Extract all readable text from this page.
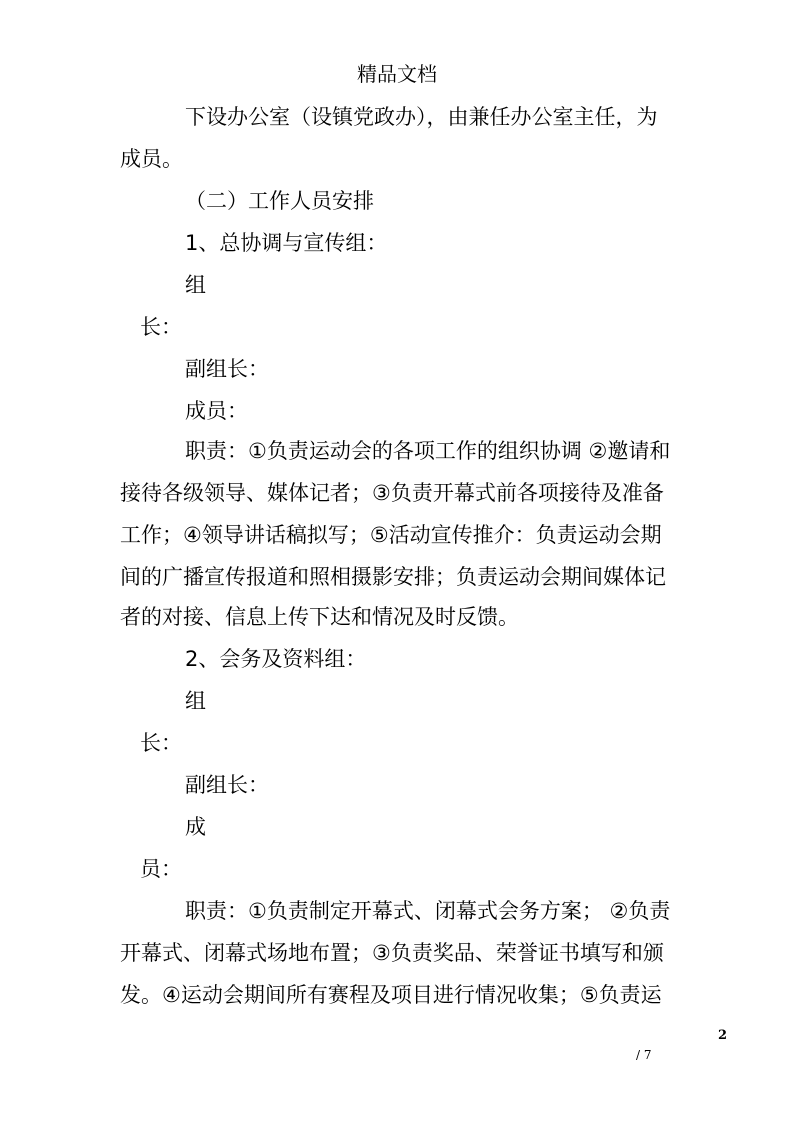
精品文档
下设办公室（设镇党政办），由兼任办公室主任，为
成员。
（二）工作人员安排
1、总协调与宣传组：
组
长：
副组长：
成员：
职责：①负责运动会的各项工作的组织协调 ②邀请和
接待各级领导、媒体记者；③负责开幕式前各项接待及准备
工作；④领导讲话稿拟写；⑤活动宣传推介：负责运动会期
间的广播宣传报道和照相摄影安排；负责运动会期间媒体记
者的对接、信息上传下达和情况及时反馈。
2、会务及资料组：
组
长：
副组长：
成
员：
职责：①负责制定开幕式、闭幕式会务方案； ②负责
开幕式、闭幕式场地布置；③负责奖品、荣誉证书填写和颁
发。④运动会期间所有赛程及项目进行情况收集；⑤负责运
2
/ 7
